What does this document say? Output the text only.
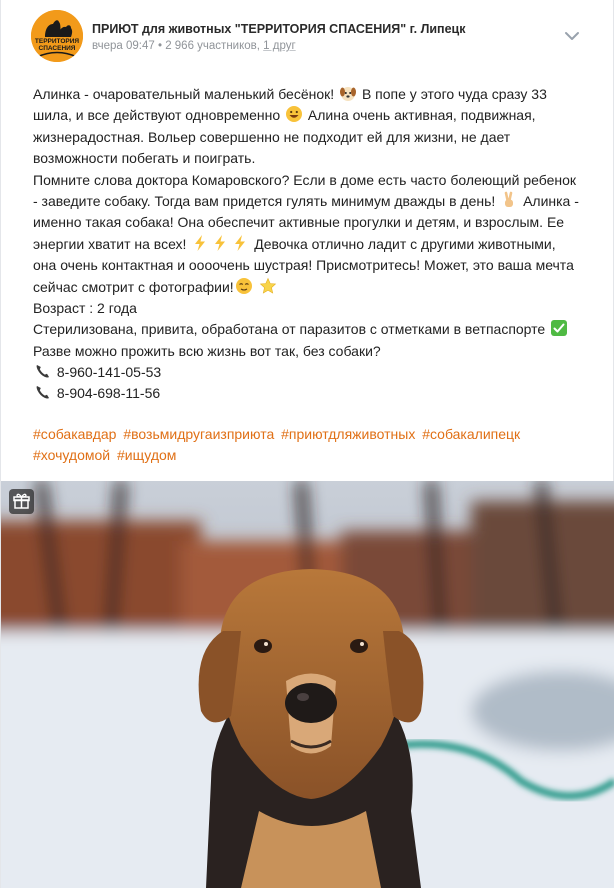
ТЕРРИТОРИЯ
СПАСЕНИЯ
ПРИЮТ для животных "ТЕРРИТОРИЯ СПАСЕНИЯ" г. Липецк
вчера 09:47 • 2 966 участников, 1 друг
Алинка - очаровательный маленький бесёнок! В попе у этого чуда сразу 33
шила, и все действуют одновременно Алина очень активная, подвижная,
жизнерадостная. Вольер совершенно не подходит ей для жизни, не дает
возможности побегать и поиграть.
Помните слова доктора Комаровского? Если в доме есть часто болеющий ребенок
- заведите собаку. Тогда вам придется гулять минимум дважды в день! Алинка -
именно такая собака! Она обеспечит активные прогулки и детям, и взрослым. Ее
энергии хватит на всех!	Девочка отлично ладит с другими животными,
она очень контактная и оооочень шустрая! Присмотритесь! Может, это ваша мечта
сейчас смотрит с фотографии!
Возраст : 2 года
Стерилизована, привита, обработана от паразитов с отметками в ветпаспорте
Разве можно прожить всю жизнь вот так, без собаки?
8-960-141-05-53
8-904-698-11-56
#собакавдар #возьмидругаизприюта #приютдляживотных #собакалипецк
#хочудомой #ищудом
